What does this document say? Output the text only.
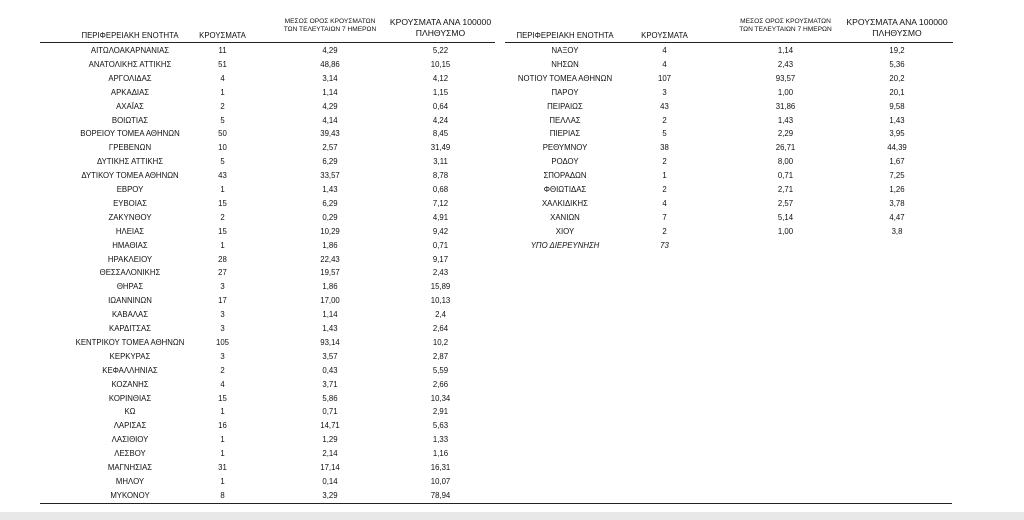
ΠΕΡΙΦΕΡΕΙΑΚΗ ΕΝΟΤΗΤΑ	ΚΡΟΥΣΜΑΤΑ
ΜΕΣΟΣ ΟΡΟΣ ΚΡΟΥΣΜΑΤΩΝ
ΤΩΝ ΤΕΛΕΥΤΑΙΩΝ 7 ΗΜΕΡΩΝ
ΚΡΟΥΣΜΑΤΑ ΑΝΑ 100000
ΠΛΗΘΥΣΜΟ
ΑΙΤΩΛΟΑΚΑΡΝΑΝΙΑΣ	11	4,29	5,22
ΑΝΑΤΟΛΙΚΗΣ ΑΤΤΙΚΗΣ	51	48,86	10,15
ΑΡΓΟΛΙΔΑΣ	4	3,14	4,12
ΑΡΚΑΔΙΑΣ	1	1,14	1,15
ΑΧΑΪΑΣ	2	4,29	0,64
ΒΟΙΩΤΙΑΣ	5	4,14	4,24
ΒΟΡΕΙΟΥ ΤΟΜΕΑ ΑΘΗΝΩΝ	50	39,43	8,45
ΓΡΕΒΕΝΩΝ	10	2,57	31,49
ΔΥΤΙΚΗΣ ΑΤΤΙΚΗΣ	5	6,29	3,11
ΔΥΤΙΚΟΥ ΤΟΜΕΑ ΑΘΗΝΩΝ	43	33,57	8,78
ΕΒΡΟΥ	1	1,43	0,68
ΕΥΒΟΙΑΣ	15	6,29	7,12
ΖΑΚΥΝΘΟΥ	2	0,29	4,91
ΗΛΕΙΑΣ	15	10,29	9,42
ΗΜΑΘΙΑΣ	1	1,86	0,71
ΗΡΑΚΛΕΙΟΥ	28	22,43	9,17
ΘΕΣΣΑΛΟΝΙΚΗΣ	27	19,57	2,43
ΘΗΡΑΣ	3	1,86	15,89
ΙΩΑΝΝΙΝΩΝ	17	17,00	10,13
ΚΑΒΑΛΑΣ	3	1,14	2,4
ΚΑΡΔΙΤΣΑΣ	3	1,43	2,64
ΚΕΝΤΡΙΚΟΥ ΤΟΜΕΑ ΑΘΗΝΩΝ	105	93,14	10,2
ΚΕΡΚΥΡΑΣ	3	3,57	2,87
ΚΕΦΑΛΛΗΝΙΑΣ	2	0,43	5,59
ΚΟΖΑΝΗΣ	4	3,71	2,66
ΚΟΡΙΝΘΙΑΣ	15	5,86	10,34
ΚΩ	1	0,71	2,91
ΛΑΡΙΣΑΣ	16	14,71	5,63
ΛΑΣΙΘΙΟΥ	1	1,29	1,33
ΛΕΣΒΟΥ	1	2,14	1,16
ΜΑΓΝΗΣΙΑΣ	31	17,14	16,31
ΜΗΛΟΥ	1	0,14	10,07
ΜΥΚΟΝΟΥ	8	3,29	78,94
ΠΕΡΙΦΕΡΕΙΑΚΗ ΕΝΟΤΗΤΑ	ΚΡΟΥΣΜΑΤΑ
ΜΕΣΟΣ ΟΡΟΣ ΚΡΟΥΣΜΑΤΩΝ
ΤΩΝ ΤΕΛΕΥΤΑΙΩΝ 7 ΗΜΕΡΩΝ
ΚΡΟΥΣΜΑΤΑ ΑΝΑ 100000
ΠΛΗΘΥΣΜΟ
ΝΑΞΟΥ	4	1,14	19,2
ΝΗΣΩΝ	4	2,43	5,36
ΝΟΤΙΟΥ ΤΟΜΕΑ ΑΘΗΝΩΝ	107	93,57	20,2
ΠΑΡΟΥ	3	1,00	20,1
ΠΕΙΡΑΙΩΣ	43	31,86	9,58
ΠΕΛΛΑΣ	2	1,43	1,43
ΠΙΕΡΙΑΣ	5	2,29	3,95
ΡΕΘΥΜΝΟΥ	38	26,71	44,39
ΡΟΔΟΥ	2	8,00	1,67
ΣΠΟΡΑΔΩΝ	1	0,71	7,25
ΦΘΙΩΤΙΔΑΣ	2	2,71	1,26
ΧΑΛΚΙΔΙΚΗΣ	4	2,57	3,78
ΧΑΝΙΩΝ	7	5,14	4,47
ΧΙΟΥ	2	1,00	3,8
ΥΠΟ ΔΙΕΡΕΥΝΗΣΗ	73
